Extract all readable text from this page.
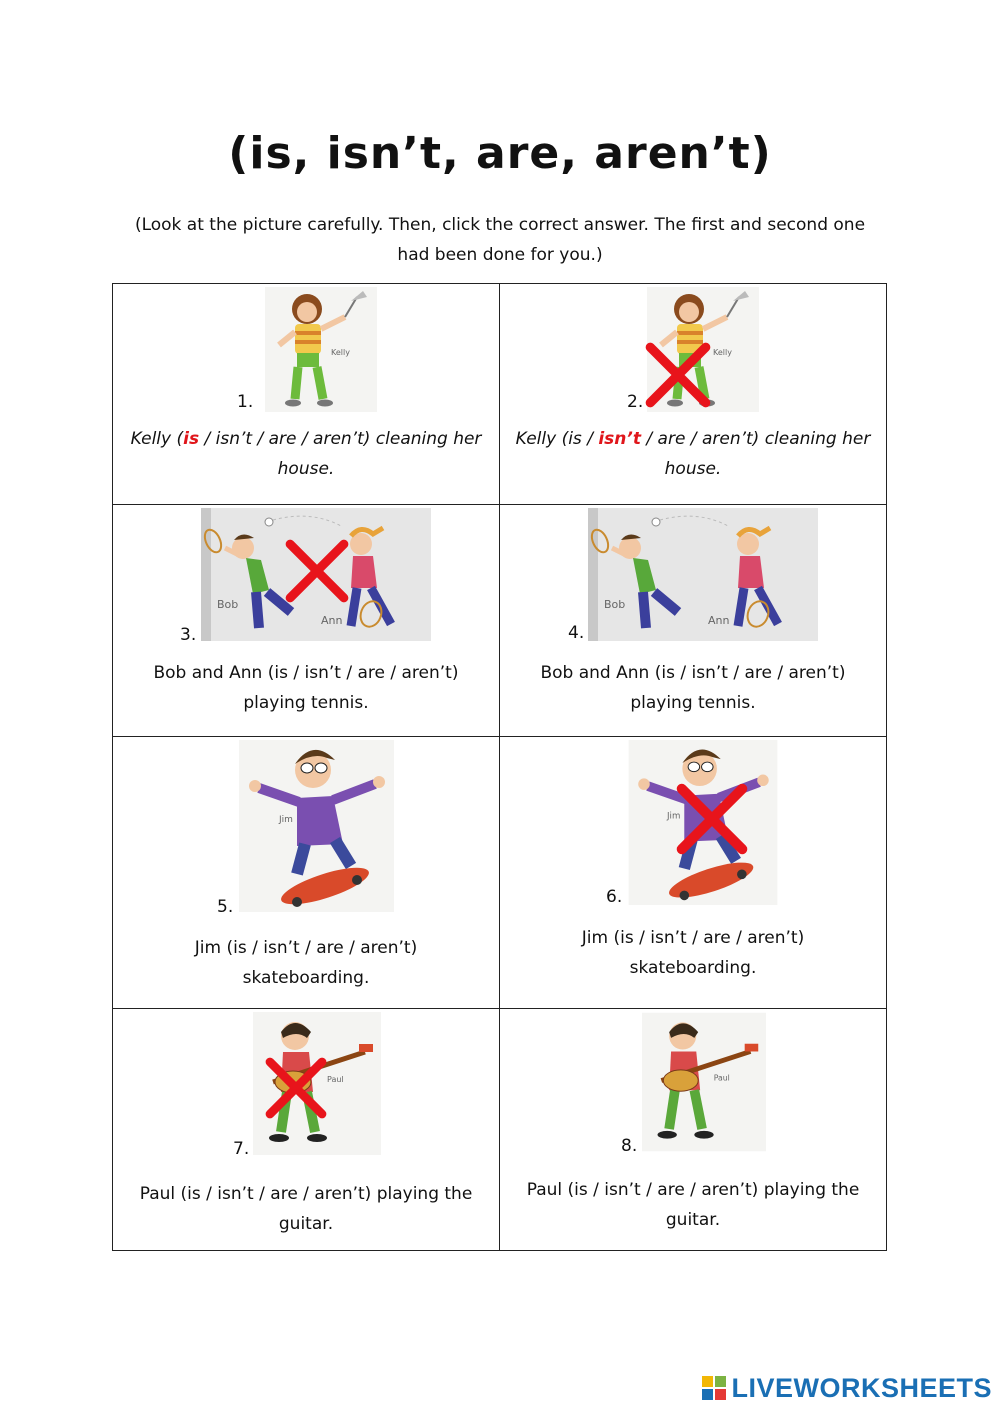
(is, isn’t, are, aren’t)
(Look at the picture carefully. Then, click the correct answer. The first and second one
had been done for you.)
Kelly
1.
Kelly (is / isn’t / are / aren’t) cleaning her
house.
Kelly
2.
Kelly (is / isn’t / are / aren’t) cleaning her
house.
Bob
Ann
3.
Bob and Ann (is / isn’t / are / aren’t)
playing tennis.
Bob
Ann
4.
Bob and Ann (is / isn’t / are / aren’t)
playing tennis.
Jim
5.
Jim (is / isn’t / are / aren’t)
skateboarding.
Jim
6.
Jim (is / isn’t / are / aren’t)
skateboarding.
Paul
7.
Paul (is / isn’t / are / aren’t) playing the
guitar.
Paul
8.
Paul (is / isn’t / are / aren’t) playing the
guitar.
LIVEWORKSHEETS
